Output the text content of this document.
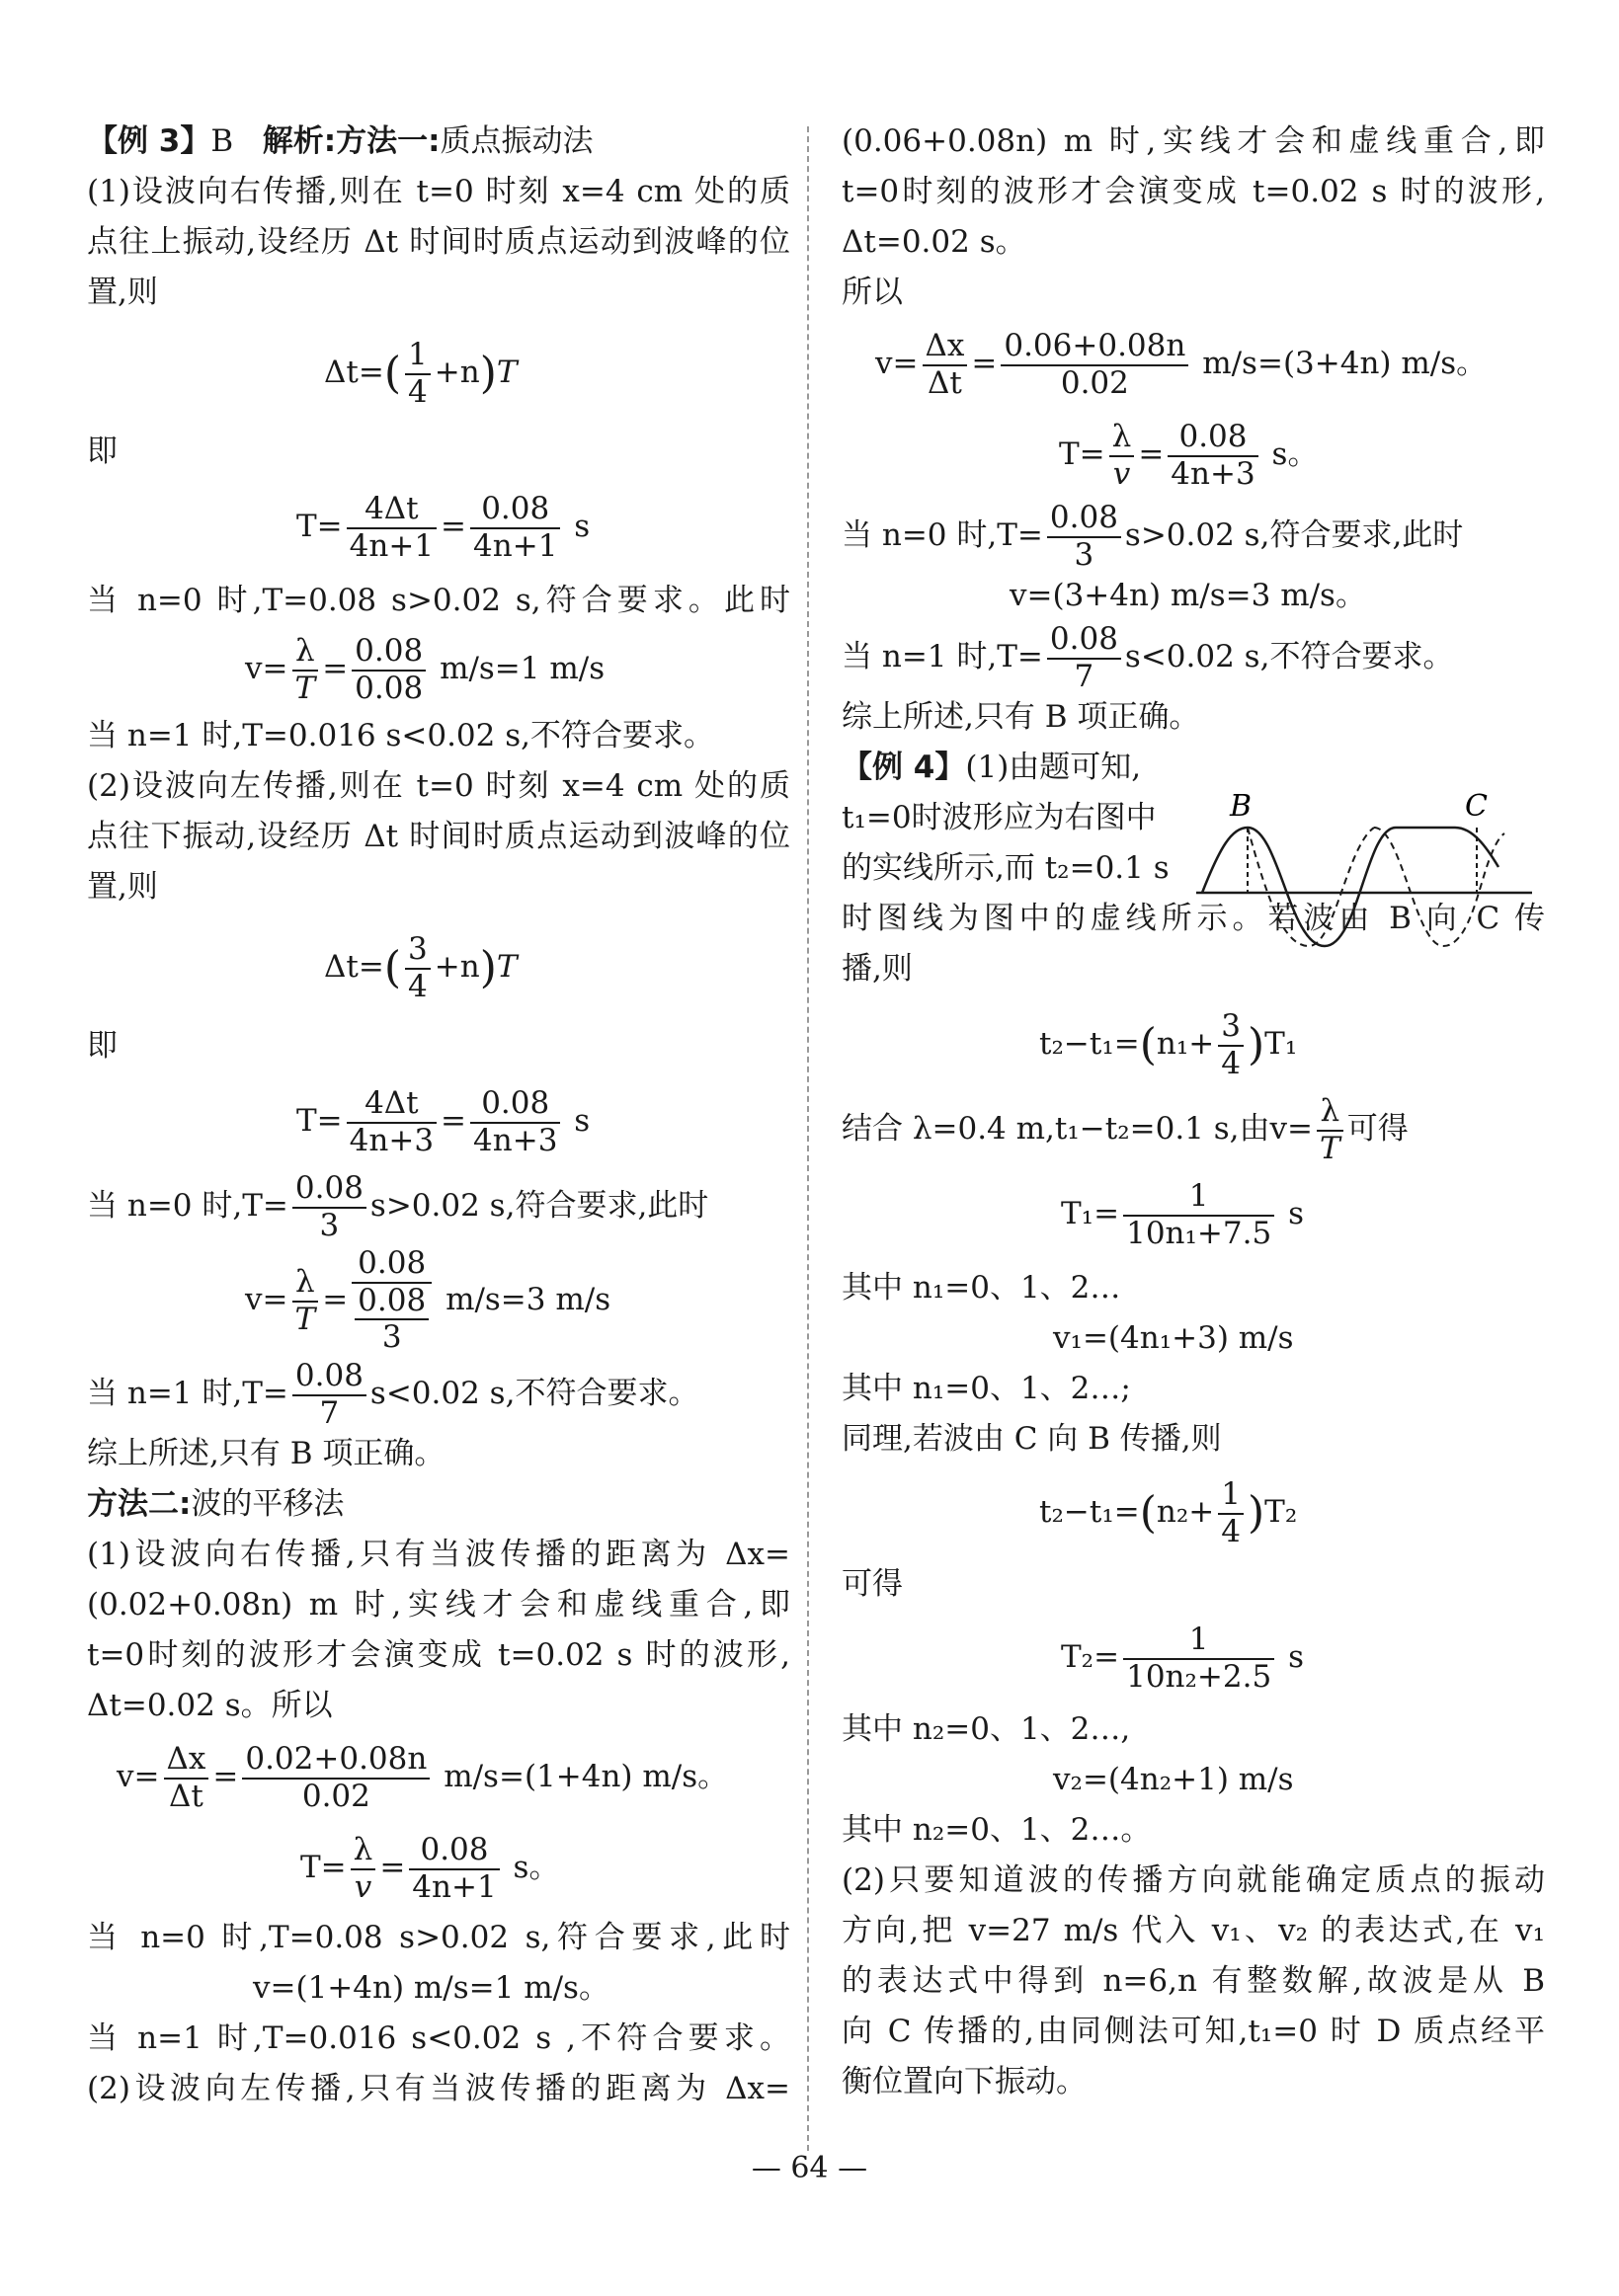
【例 3】B 解析:方法一:质点振动法
(1)设波向右传播,则在 t=0 时刻 x=4 cm 处的质
点往上振动,设经历 Δt 时间时质点运动到波峰的位
置,则
$\Delta t=( \frac{1}{4} +n)T$
即
$T= \frac{4\Delta t}{4n+1} = \frac{0.08}{4n+1}$ s
当 n=0 时,T=0.08 s>0.02 s,符合要求。此时
$v= \frac{\lambda}{T} = \frac{0.08}{0.08} m/s=1$ m/s
当 n=1 时,T=0.016 s<0.02 s,不符合要求。
(2)设波向左传播,则在 t=0 时刻 x=4 cm 处的质
点往下振动,设经历 Δt 时间时质点运动到波峰的位
置,则
$\Delta t=( \frac{3}{4} +n)T$
即
$T= \frac{4\Delta t}{4n+3} = \frac{0.08}{4n+3}$ s
当 n=0 时$,T= \frac{0.08}{3} s>0.02$ s,符合要求,此时
$v= \frac{\lambda}{T} = 0.08$
0.08
3 m/s=3 m/s
当 n=1 时$,T= \frac{0.08}{7} s<0.02$ s,不符合要求。
综上所述,只有 B 项正确。
方法二:波的平移法
(1)设波向右传播,只有当波传播的距离为 Δx=
(0.02+0.08n) m 时,实线才会和虚线重合,即
t=0时刻的波形才会演变成 t=0.02 s 时的波形,
Δt=0.02 s。所以
$v= \frac{\Delta x}{\Delta t} = \frac{0.02+0.08n}{0.02} m/s=(1+4n)$ m/s。
$T= \frac{\lambda}{v} = \frac{0.08}{4n+1}$ s。
当 n=0 时,T=0.08 s>0.02 s,符合要求,此时
v=(1+4n) m/s=1 m/s。
当 n=1 时,T=0.016 s<0.02 s ,不符合要求。
(2)设波向左传播,只有当波传播的距离为 Δx=
(0.06+0.08n) m 时,实线才会和虚线重合,即
t=0时刻的波形才会演变成 t=0.02 s 时的波形,
Δt=0.02 s。
所以
$v= \frac{\Delta x}{\Delta t} = \frac{0.06+0.08n}{0.02} m/s=(3+4n)$ m/s。
$T= \frac{\lambda}{v} = \frac{0.08}{4n+3}$ s。
当 n=0 时$,T= \frac{0.08}{3} s>0.02$ s,符合要求,此时
v=(3+4n) m/s=3 m/s。
当 n=1 时$,T= \frac{0.08}{7} s<0.02$ s,不符合要求。
综上所述,只有 B 项正确。
【例 4】(1)由题可知,
t₁=0时波形应为右图中
的实线所示,而 t₂=0.1 s
时图线为图中的虚线所示。若波由 B 向 C 传
播,则
$t_2-t_1=(n_1+ \frac{3}{4} )T_1$
结合 λ=0.4 m,t₁−t₂=0.1 s,由$v= \frac{\lambda}{T}$ 可得
$T_1= \frac{1}{\text{10n₁+7.5}}$ s
其中 n₁=0、1、2…
v₁=(4n₁+3) m/s
其中 n₁=0、1、2…;
同理,若波由 C 向 B 传播,则
$t_2-t_1=(n_2+ \frac{1}{4} )T_2$
可得
$T_2= \frac{1}{\text{10n₂+2.5}}$ s
其中 n₂=0、1、2…,
v₂=(4n₂+1) m/s
其中 n₂=0、1、2…。
(2)只要知道波的传播方向就能确定质点的振动
方向,把 v=27 m/s 代入 v₁、v₂ 的表达式,在 v₁
的表达式中得到 n=6,n 有整数解,故波是从 B
向 C 传播的,由同侧法可知,t₁=0 时 D 质点经平
衡位置向下振动。
B	C
— 64 —
